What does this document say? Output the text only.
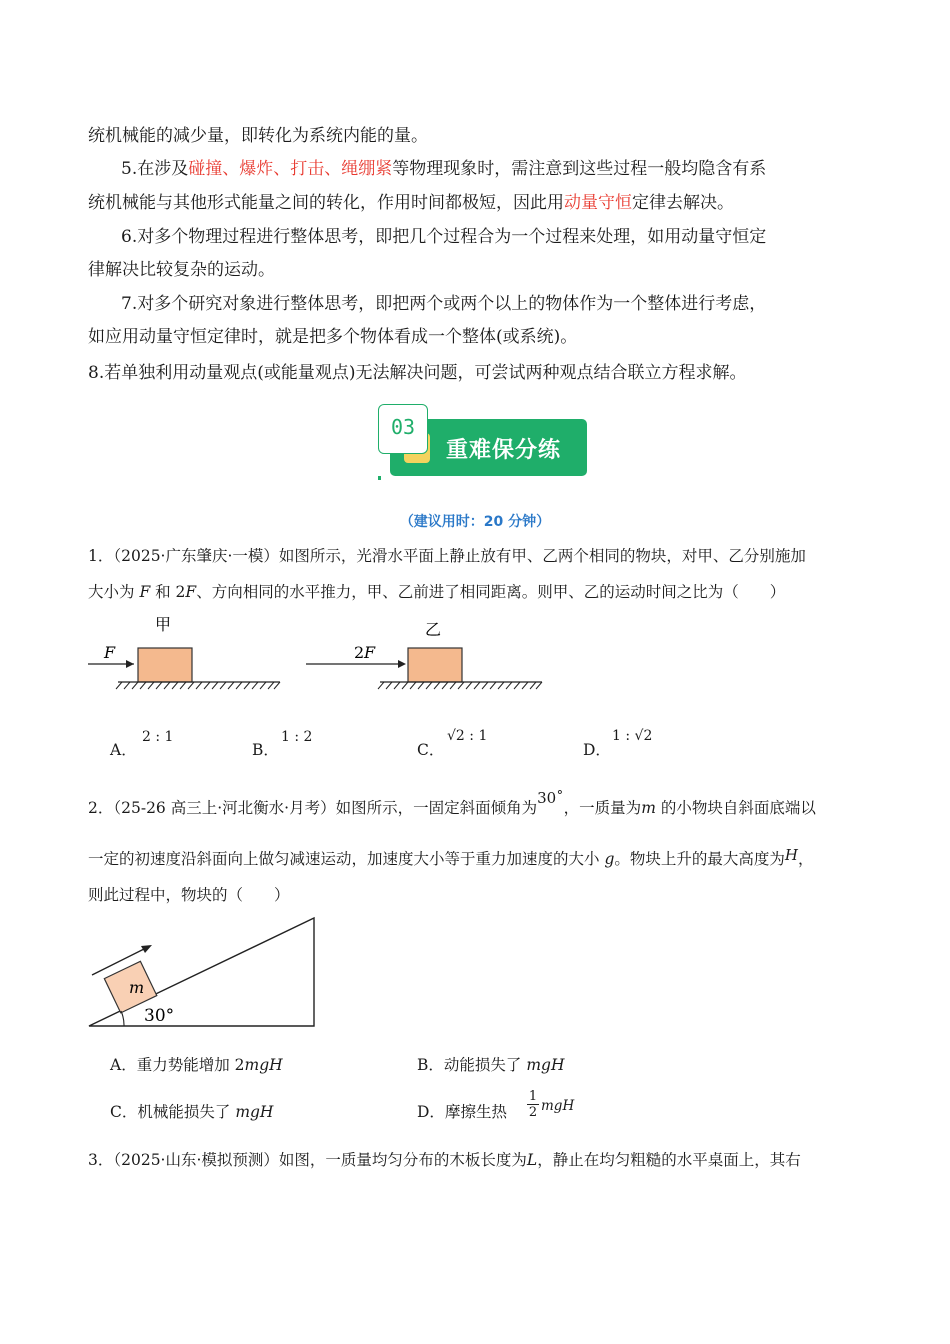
统机械能的减少量，即转化为系统内能的量。
5.在涉及碰撞、爆炸、打击、绳绷紧等物理现象时，需注意到这些过程一般均隐含有系
统机械能与其他形式能量之间的转化，作用时间都极短，因此用动量守恒定律去解决。
6.对多个物理过程进行整体思考，即把几个过程合为一个过程来处理，如用动量守恒定
律解决比较复杂的运动。
7.对多个研究对象进行整体思考，即把两个或两个以上的物体作为一个整体进行考虑，
如应用动量守恒定律时，就是把多个物体看成一个整体(或系统)。
8.若单独利用动量观点(或能量观点)无法解决问题，可尝试两种观点结合联立方程求解。
03
重难保分练
（建议用时：20 分钟）
1．（2025·广东肇庆·一模）如图所示，光滑水平面上静止放有甲、乙两个相同的物块，对甲、乙分别施加
大小为 F 和 2F、方向相同的水平推力，甲、乙前进了相同距离。则甲、乙的运动时间之比为（　　）
甲
F
乙
2 F
A．
2 : 1
B．
1 : 2
C．
√2 : 1
D．
1 : √2
2．（25-26 高三上·河北衡水·月考）如图所示，一固定斜面倾角为30˚，一质量为m 的小物块自斜面底端以
一定的初速度沿斜面向上做匀减速运动，加速度大小等于重力加速度的大小 g。物块上升的最大高度为H，
则此过程中，物块的（　　）
m
30°
A．重力势能增加 2mgH	B．动能损失了 mgH
C．机械能损失了 mgH	D．摩擦生热 $\frac{1}{2}$ mgH
3．（2025·山东·模拟预测）如图，一质量均匀分布的木板长度为L，静止在均匀粗糙的水平桌面上，其右
